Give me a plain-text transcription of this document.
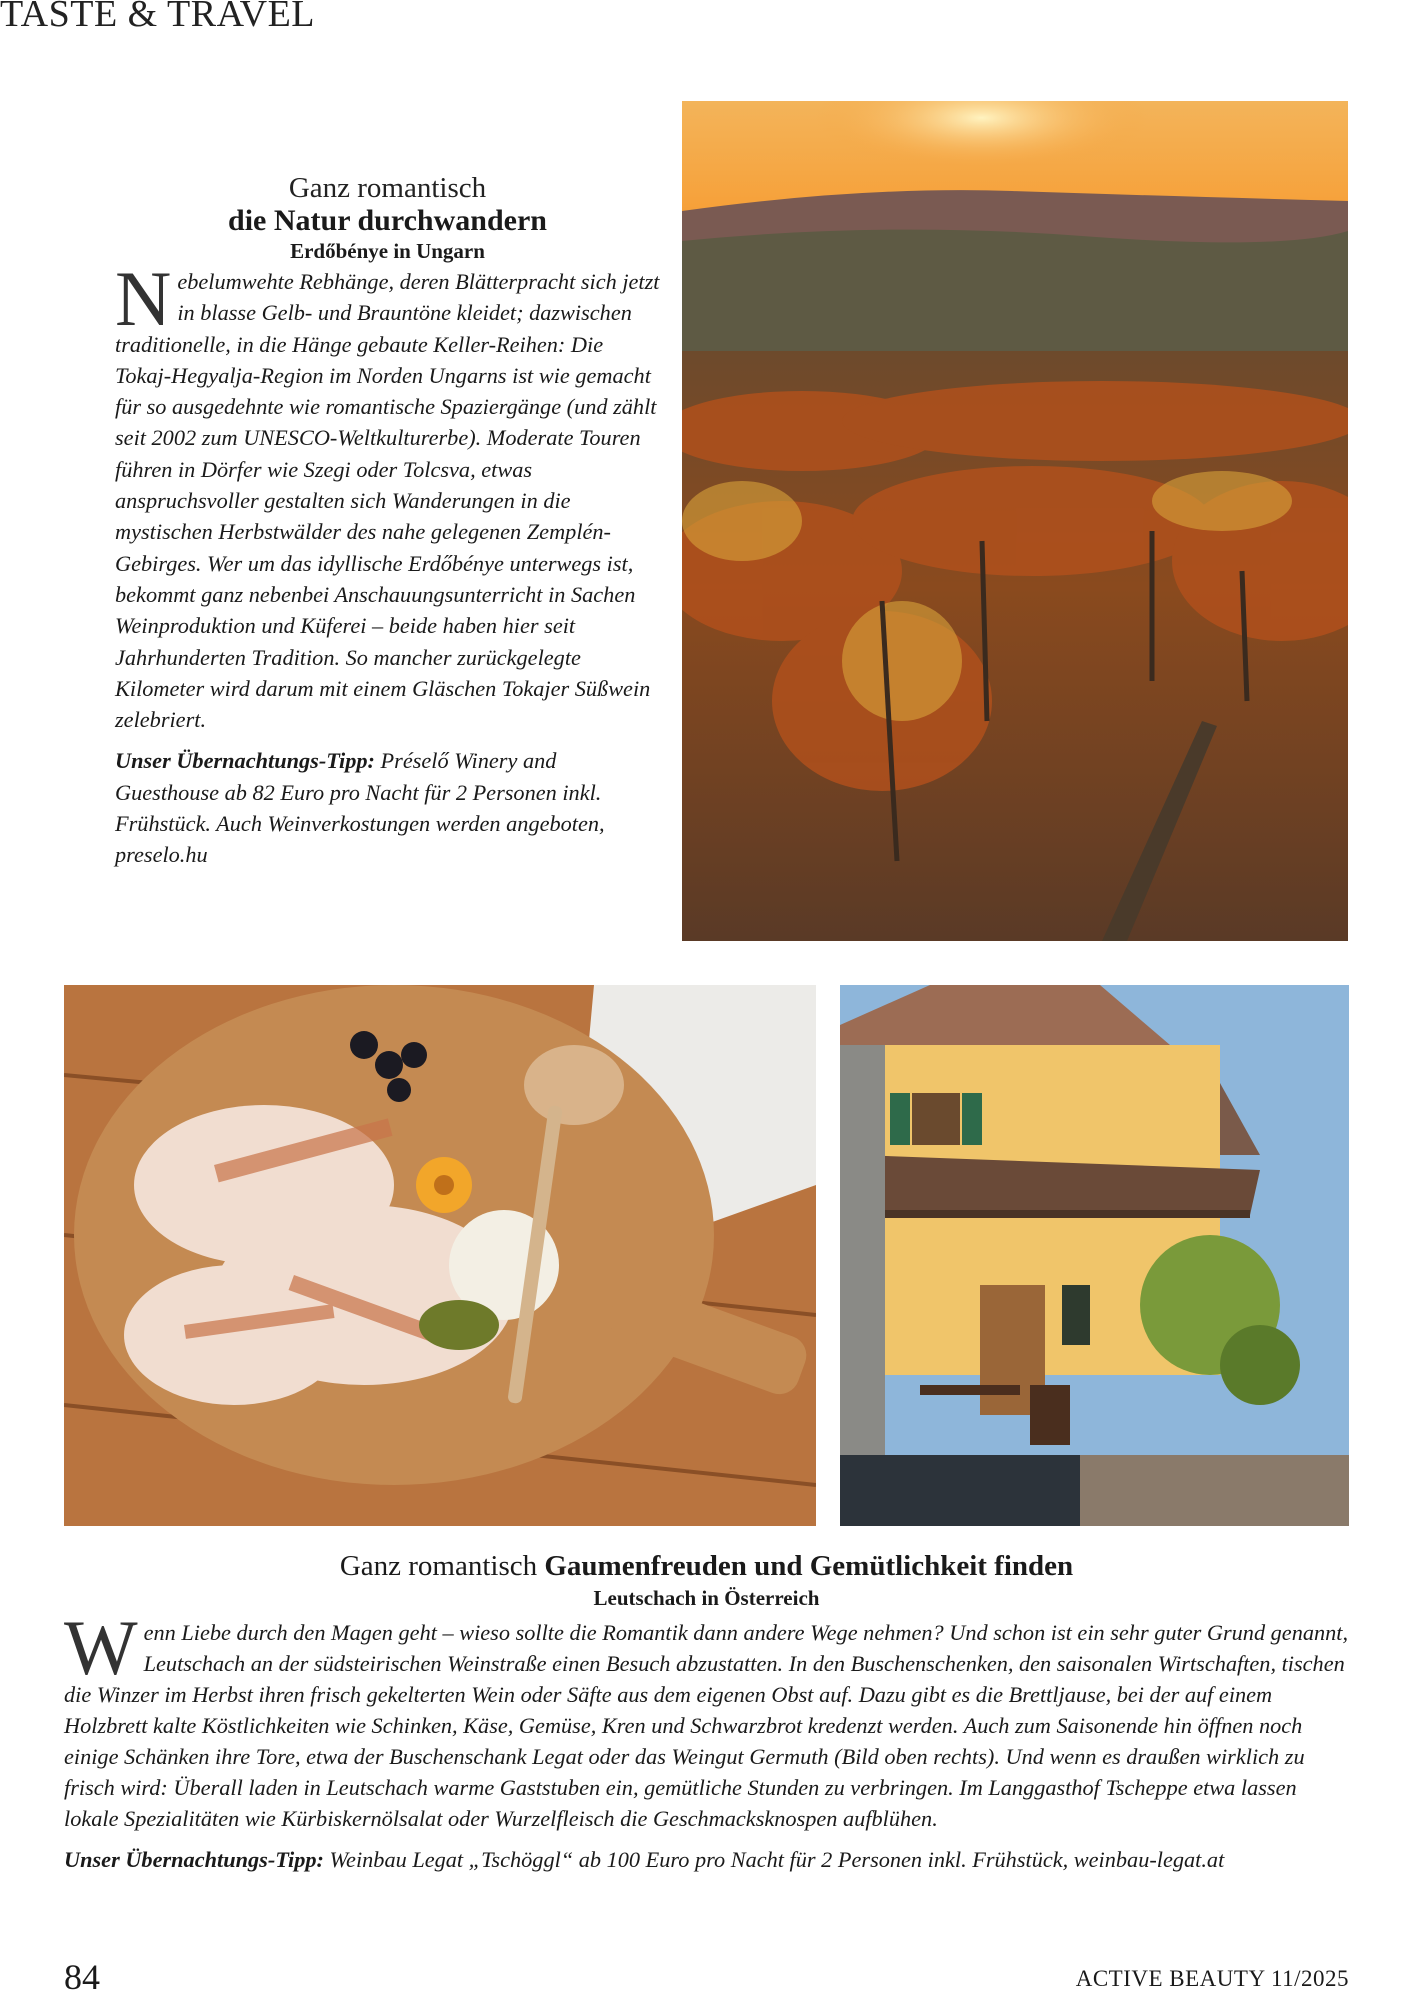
TASTE & TRAVEL
Ganz romantisch
die Natur durchwandern
Erdőbénye in Ungarn

Nebelumwehte Rebhänge, deren Blätterpracht sich jetzt in blasse Gelb- und Brauntöne kleidet; dazwischen traditionelle, in die Hänge gebaute Keller-Reihen: Die Tokaj-Hegyalja-Region im Norden Ungarns ist wie gemacht für so ausgedehnte wie romantische Spaziergänge (und zählt seit 2002 zum UNESCO-Weltkulturerbe). Moderate Touren führen in Dörfer wie Szegi oder Tolcsva, etwas anspruchsvoller gestalten sich Wanderungen in die mystischen Herbstwälder des nahe gelegenen Zemplén-Gebirges. Wer um das idyllische Erdőbénye unterwegs ist, bekommt ganz nebenbei Anschauungsunterricht in Sachen Weinproduktion und Küferei – beide haben hier seit Jahrhunderten Tradition. So mancher zurückgelegte Kilometer wird darum mit einem Gläschen Tokajer Süßwein zelebriert.

Unser Übernachtungs-Tipp: Préselő Winery and Guesthouse ab 82 Euro pro Nacht für 2 Personen inkl. Frühstück. Auch Weinverkostungen werden angeboten, preselo.hu

Ganz romantisch Gaumenfreuden und Gemütlichkeit finden
Leutschach in Österreich

Wenn Liebe durch den Magen geht – wieso sollte die Romantik dann andere Wege nehmen? Und schon ist ein sehr guter Grund genannt, Leutschach an der südsteirischen Weinstraße einen Besuch abzustatten. In den Buschenschenken, den saisonalen Wirtschaften, tischen die Winzer im Herbst ihren frisch gekelterten Wein oder Säfte aus dem eigenen Obst auf. Dazu gibt es die Brettljause, bei der auf einem Holzbrett kalte Köstlichkeiten wie Schinken, Käse, Gemüse, Kren und Schwarzbrot kredenzt werden. Auch zum Saisonende hin öffnen noch einige Schänken ihre Tore, etwa der Buschenschank Legat oder das Weingut Germuth (Bild oben rechts). Und wenn es draußen wirklich zu frisch wird: Überall laden in Leutschach warme Gaststuben ein, gemütliche Stunden zu verbringen. Im Langgasthof Tscheppe etwa lassen lokale Spezialitäten wie Kürbiskernölsalat oder Wurzelfleisch die Geschmacksknospen aufblühen.

Unser Übernachtungs-Tipp: Weinbau Legat „Tschöggl“ ab 100 Euro pro Nacht für 2 Personen inkl. Frühstück, weinbau-legat.at

84	ACTIVE BEAUTY 11/2025
